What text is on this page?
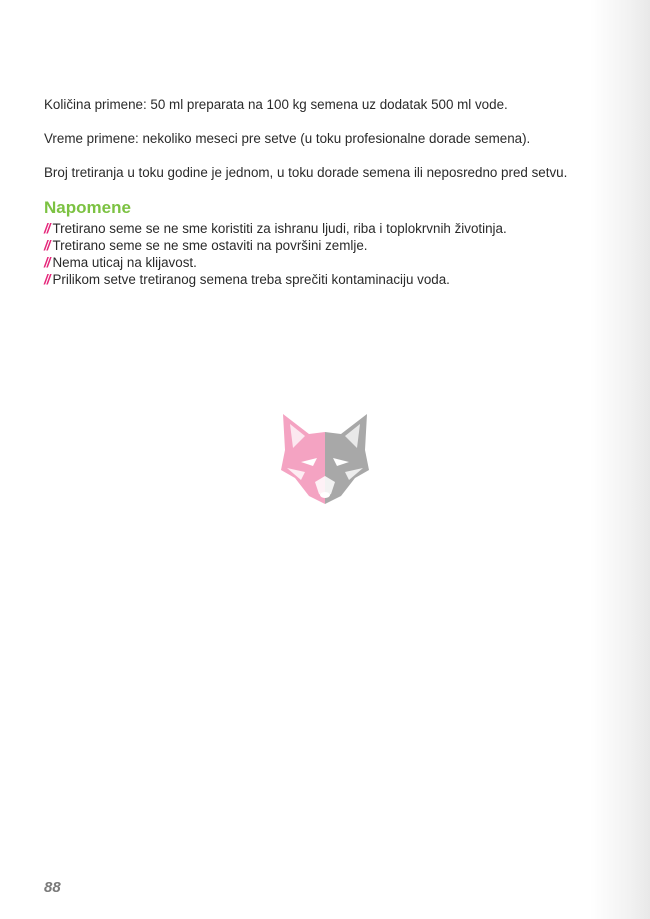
Količina primene: 50 ml preparata na 100 kg semena uz dodatak 500 ml vode.

Vreme primene: nekoliko meseci pre setve (u toku profesionalne dorade semena).

Broj tretiranja u toku godine je jednom, u toku dorade semena ili neposredno pred setvu.

Napomene
// Tretirano seme se ne sme koristiti za ishranu ljudi, riba i toplokrvnih životinja.
// Tretirano seme se ne sme ostaviti na površini zemlje.
// Nema uticaj na klijavost.
// Prilikom setve tretiranog semena treba sprečiti kontaminaciju voda.
88
